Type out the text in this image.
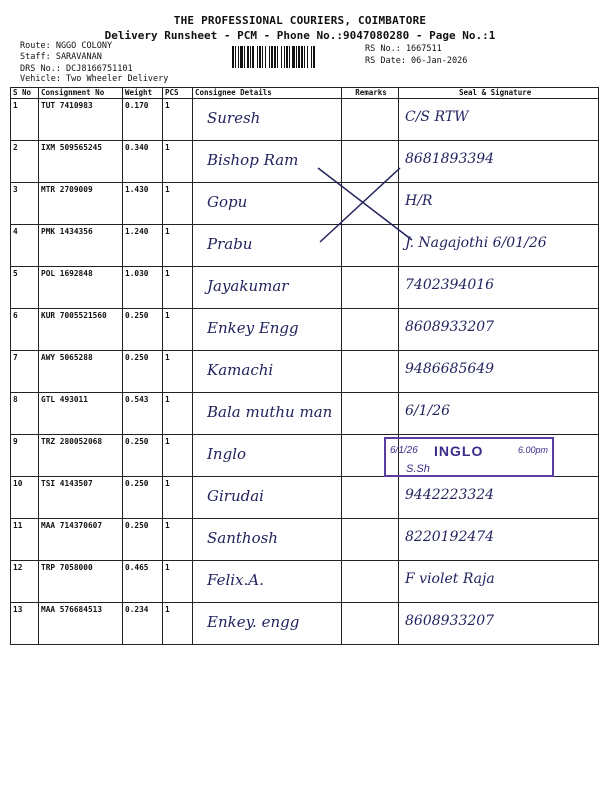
THE PROFESSIONAL COURIERS, COIMBATORE
Delivery Runsheet - PCM - Phone No.:9047080280 - Page No.:1
Route: NGGO COLONY
Staff: SARAVANAN
DRS No.: DCJ8166751101
Vehicle: Two Wheeler Delivery
RS No.: 1667511
RS Date: 06-Jan-2026
S No	Consignment No	Weight	PCS	Consignee Details	Remarks	Seal & Signature

1	TUT 7410983	0.170	1	Suresh		C/S RTW

2	IXM 509565245	0.340	1	Bishop Ram		8681893394

3	MTR 2709009	1.430	1	Gopu		H/R

4	PMK 1434356	1.240	1	Prabu		J. Nagajothi 6/01/26

5	POL 1692848	1.030	1	Jayakumar		7402394016

6	KUR 7005521560	0.250	1	Enkey Engg		8608933207

7	AWY 5065288	0.250	1	Kamachi		9486685649

8	GTL 493011	0.543	1	Bala muthu man		6/1/26

9	TRZ 280052068	0.250	1	Inglo		

10	TSI 4143507	0.250	1	Girudai		9442223324

11	MAA 714370607	0.250	1	Santhosh		8220192474

12	TRP 7058000	0.465	1	Felix.A.		F violet Raja

13	MAA 576684513	0.234	1	Enkey. engg		8608933207
6/1/26 INGLO	6.00pm
S.Sh
